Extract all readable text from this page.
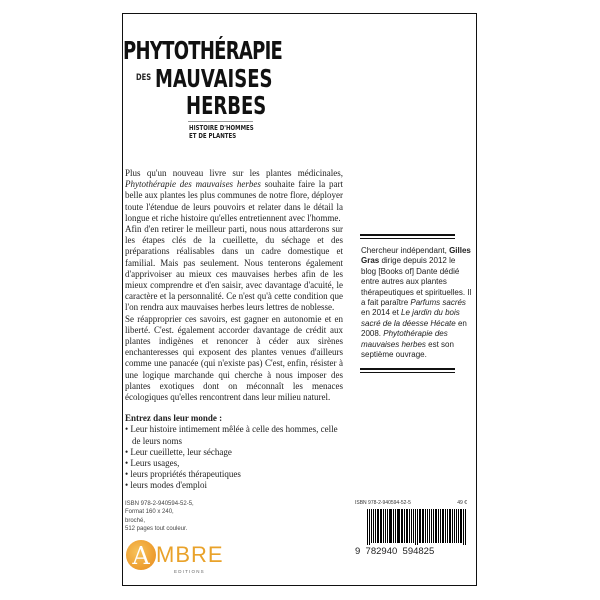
PHYTOTHÉRAPIE
DES MAUVAISES
HERBES
HISTOIRE D'HOMMES
ET DE PLANTES

Plus qu'un nouveau livre sur les plantes médicinales, Phytothérapie des mauvaises herbes souhaite faire la part belle aux plantes les plus communes de notre flore, déployer toute l'étendue de leurs pouvoirs et relater dans le détail la longue et riche histoire qu'elles entretiennent avec l'homme.

Afin d'en retirer le meilleur parti, nous nous attarderons sur les étapes clés de la cueillette, du séchage et des préparations réalisables dans un cadre domestique et familial. Mais pas seulement. Nous tenterons également d'apprivoiser au mieux ces mauvaises herbes afin de les mieux comprendre et d'en saisir, avec davantage d'acuité, le caractère et la personnalité. Ce n'est qu'à cette condition que l'on rendra aux mauvaises herbes leurs lettres de noblesse.

Se réapproprier ces savoirs, est gagner en autonomie et en liberté. C'est. également accorder davantage de crédit aux plantes indigènes et renoncer à céder aux sirènes enchanteresses qui exposent des plantes venues d'ailleurs comme une panacée (qui n'existe pas) C'est, enfin, résister à une logique marchande qui cherche à nous imposer des plantes exotiques dont on méconnaît les menaces écologiques qu'elles rencontrent dans leur milieu naturel.

Entrez dans leur monde :
• Leur histoire intimement mêlée à celle des hommes, celle de leurs noms
• Leur cueillette, leur séchage
• Leurs usages,
• leurs propriétés thérapeutiques
• leurs modes d'emploi
ISBN 978-2-940594-52-5,
Format 160 x 240,
broché,
512 pages tout couleur.
A MBRE
EDITIONS
Chercheur indépendant, Gilles Gras dirige depuis 2012 le blog [Books of] Dante dédié entre autres aux plantes thérapeutiques et spirituelles. Il a fait paraître Parfums sacrés en 2014 et Le jardin du bois sacré de la déesse Hécate en 2008. Phytothérapie des mauvaises herbes est son septième ouvrage.
ISBN 978-2-940594-52-5	49 €
9  782940  594825
